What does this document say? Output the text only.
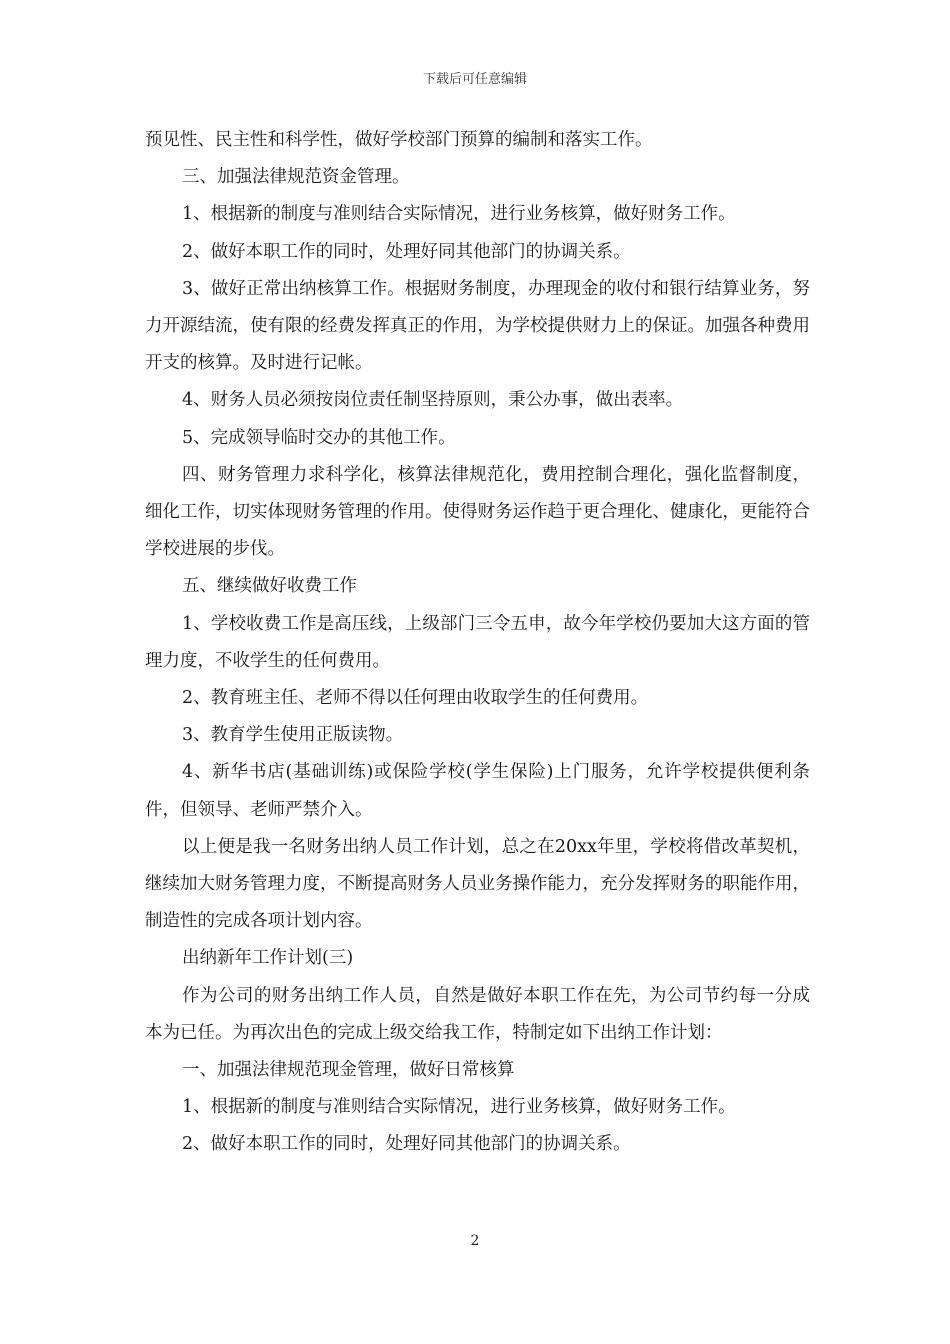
下载后可任意编辑

预见性、民主性和科学性，做好学校部门预算的编制和落实工作。

三、加强法律规范资金管理。

1、根据新的制度与准则结合实际情况，进行业务核算，做好财务工作。

2、做好本职工作的同时，处理好同其他部门的协调关系。

3、做好正常出纳核算工作。根据财务制度，办理现金的收付和银行结算业务，努力开源结流，使有限的经费发挥真正的作用，为学校提供财力上的保证。加强各种费用开支的核算。及时进行记帐。

4、财务人员必须按岗位责任制坚持原则，秉公办事，做出表率。

5、完成领导临时交办的其他工作。

四、财务管理力求科学化，核算法律规范化，费用控制合理化，强化监督制度，细化工作，切实体现财务管理的作用。使得财务运作趋于更合理化、健康化，更能符合学校进展的步伐。

五、继续做好收费工作

1、学校收费工作是高压线，上级部门三令五申，故今年学校仍要加大这方面的管理力度，不收学生的任何费用。

2、教育班主任、老师不得以任何理由收取学生的任何费用。

3、教育学生使用正版读物。

4、新华书店(基础训练)或保险学校(学生保险)上门服务，允许学校提供便利条件，但领导、老师严禁介入。

以上便是我一名财务出纳人员工作计划，总之在20xx年里，学校将借改革契机，继续加大财务管理力度，不断提高财务人员业务操作能力，充分发挥财务的职能作用，制造性的完成各项计划内容。

出纳新年工作计划(三)

作为公司的财务出纳工作人员，自然是做好本职工作在先，为公司节约每一分成本为已任。为再次出色的完成上级交给我工作，特制定如下出纳工作计划：

一、加强法律规范现金管理，做好日常核算

1、根据新的制度与准则结合实际情况，进行业务核算，做好财务工作。

2、做好本职工作的同时，处理好同其他部门的协调关系。

2
